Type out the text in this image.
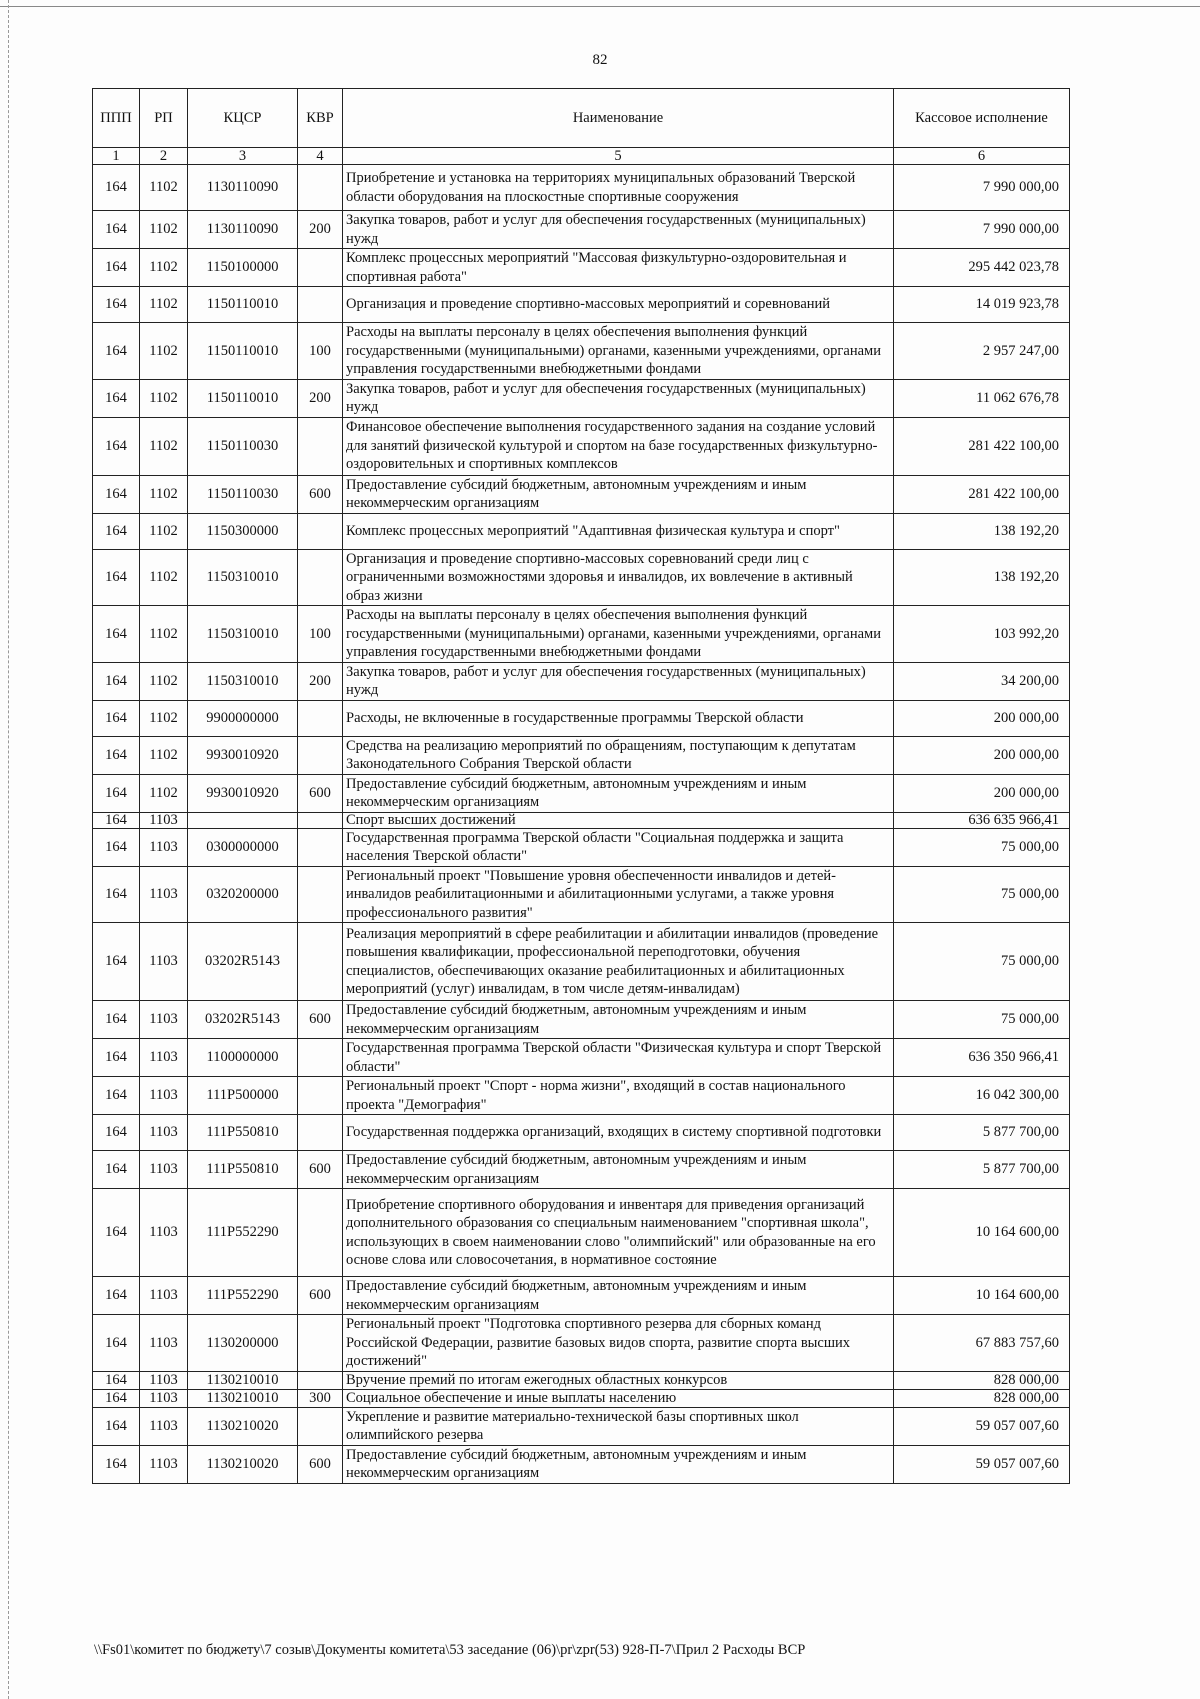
82
ППП	РП	КЦСР	КВР	Наименование	Кассовое исполнение
1	2	3	4	5	6
164	1102	1130110090		Приобретение и установка на территориях муниципальных образований Тверской области оборудования на плоскостные спортивные сооружения	7 990 000,00
164	1102	1130110090	200	Закупка товаров, работ и услуг для обеспечения государственных (муниципальных) нужд	7 990 000,00
164	1102	1150100000		Комплекс процессных мероприятий "Массовая физкультурно-оздоровительная и спортивная работа"	295 442 023,78
164	1102	1150110010		Организация и проведение спортивно-массовых мероприятий и соревнований	14 019 923,78
164	1102	1150110010	100	Расходы на выплаты персоналу в целях обеспечения выполнения функций государственными (муниципальными) органами, казенными учреждениями, органами управления государственными внебюджетными фондами	2 957 247,00
164	1102	1150110010	200	Закупка товаров, работ и услуг для обеспечения государственных (муниципальных) нужд	11 062 676,78
164	1102	1150110030		Финансовое обеспечение выполнения государственного задания на создание условий для занятий физической культурой и спортом на базе государственных физкультурно-оздоровительных и спортивных комплексов	281 422 100,00
164	1102	1150110030	600	Предоставление субсидий бюджетным, автономным учреждениям и иным некоммерческим организациям	281 422 100,00
164	1102	1150300000		Комплекс процессных мероприятий "Адаптивная физическая культура и спорт"	138 192,20
164	1102	1150310010		Организация и проведение спортивно-массовых соревнований среди лиц с ограниченными возможностями здоровья и инвалидов, их вовлечение в активный образ жизни	138 192,20
164	1102	1150310010	100	Расходы на выплаты персоналу в целях обеспечения выполнения функций государственными (муниципальными) органами, казенными учреждениями, органами управления государственными внебюджетными фондами	103 992,20
164	1102	1150310010	200	Закупка товаров, работ и услуг для обеспечения государственных (муниципальных) нужд	34 200,00
164	1102	9900000000		Расходы, не включенные в государственные программы Тверской области	200 000,00
164	1102	9930010920		Средства на реализацию мероприятий по обращениям, поступающим к депутатам Законодательного Собрания Тверской области	200 000,00
164	1102	9930010920	600	Предоставление субсидий бюджетным, автономным учреждениям и иным некоммерческим организациям	200 000,00
164	1103			Спорт высших достижений	636 635 966,41
164	1103	0300000000		Государственная программа Тверской области "Социальная поддержка и защита населения Тверской области"	75 000,00
164	1103	0320200000		Региональный проект "Повышение уровня обеспеченности инвалидов и детей-инвалидов реабилитационными и абилитационными услугами, а также уровня профессионального развития"	75 000,00
164	1103	03202R5143		Реализация мероприятий в сфере реабилитации и абилитации инвалидов (проведение повышения квалификации, профессиональной переподготовки, обучения специалистов, обеспечивающих оказание реабилитационных и абилитационных мероприятий (услуг) инвалидам, в том числе детям-инвалидам)	75 000,00
164	1103	03202R5143	600	Предоставление субсидий бюджетным, автономным учреждениям и иным некоммерческим организациям	75 000,00
164	1103	1100000000		Государственная программа Тверской области "Физическая культура и спорт Тверской области"	636 350 966,41
164	1103	111P500000		Региональный проект "Спорт - норма жизни", входящий в состав национального проекта "Демография"	16 042 300,00
164	1103	111P550810		Государственная поддержка организаций, входящих в систему спортивной подготовки	5 877 700,00
164	1103	111P550810	600	Предоставление субсидий бюджетным, автономным учреждениям и иным некоммерческим организациям	5 877 700,00
164	1103	111P552290		Приобретение спортивного оборудования и инвентаря для приведения организаций дополнительного образования со специальным наименованием "спортивная школа", использующих в своем наименовании слово "олимпийский" или образованные на его основе слова или словосочетания, в нормативное состояние	10 164 600,00
164	1103	111P552290	600	Предоставление субсидий бюджетным, автономным учреждениям и иным некоммерческим организациям	10 164 600,00
164	1103	1130200000		Региональный проект "Подготовка спортивного резерва для сборных команд Российской Федерации, развитие базовых видов спорта, развитие спорта высших достижений"	67 883 757,60
164	1103	1130210010		Вручение премий по итогам ежегодных областных конкурсов	828 000,00
164	1103	1130210010	300	Социальное обеспечение и иные выплаты населению	828 000,00
164	1103	1130210020		Укрепление и развитие материально-технической базы спортивных школ олимпийского резерва	59 057 007,60
164	1103	1130210020	600	Предоставление субсидий бюджетным, автономным учреждениям и иным некоммерческим организациям	59 057 007,60
\\Fs01\комитет по бюджету\7 созыв\Документы комитета\53 заседание (06)\pr\zpr(53) 928-П-7\Прил 2 Расходы ВСР
